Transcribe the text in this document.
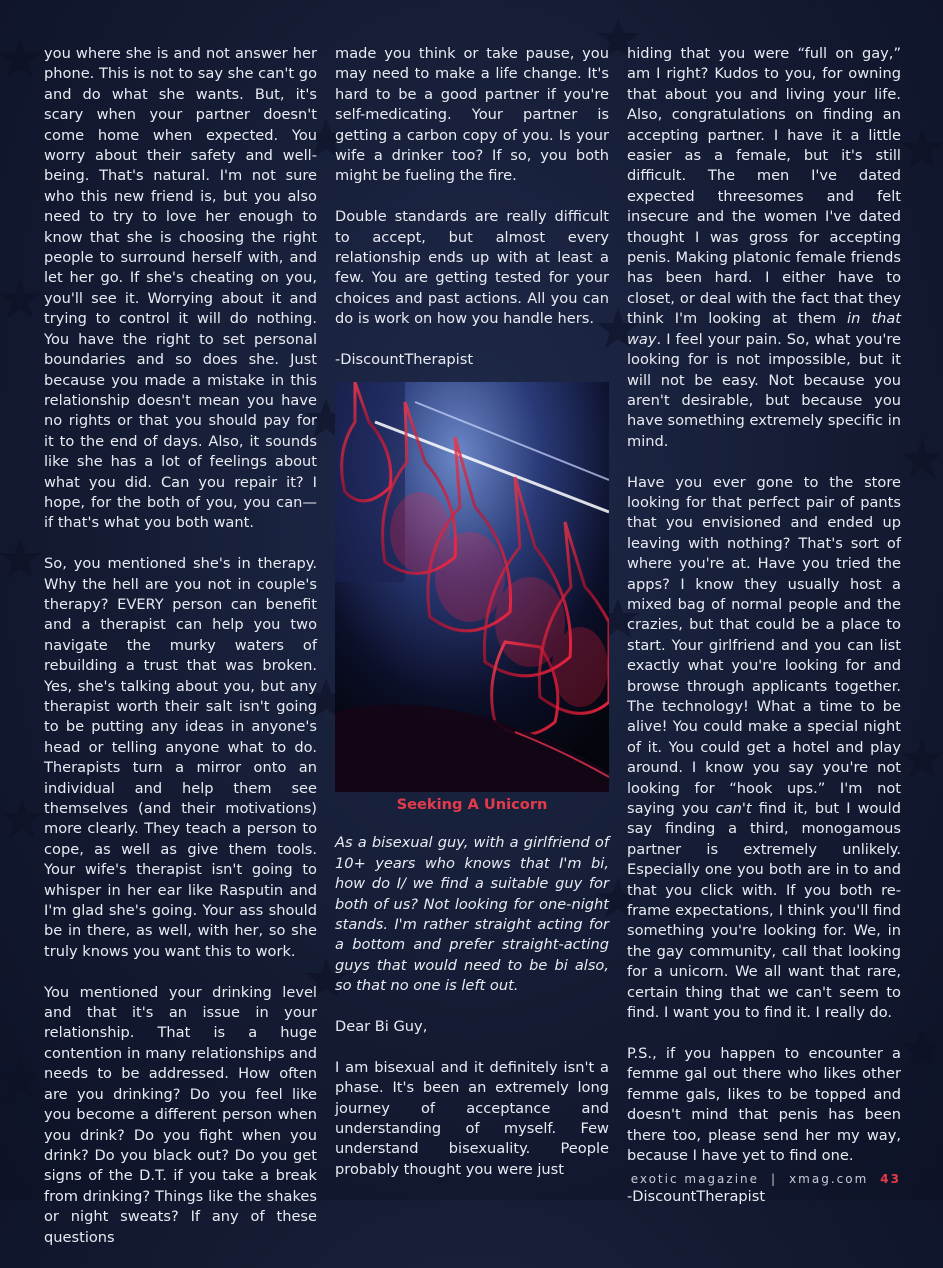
you where she is and not answer her phone. This is not to say she can't go and do what she wants. But, it's scary when your partner doesn't come home when expected. You worry about their safety and well-being. That's natural. I'm not sure who this new friend is, but you also need to try to love her enough to know that she is choosing the right people to surround herself with, and let her go. If she's cheating on you, you'll see it. Worrying about it and trying to control it will do nothing. You have the right to set personal boundaries and so does she. Just because you made a mistake in this relationship doesn't mean you have no rights or that you should pay for it to the end of days. Also, it sounds like she has a lot of feelings about what you did. Can you repair it? I hope, for the both of you, you can—if that's what you both want.

So, you mentioned she's in therapy. Why the hell are you not in couple's therapy? EVERY person can benefit and a therapist can help you two navigate the murky waters of rebuilding a trust that was broken. Yes, she's talking about you, but any therapist worth their salt isn't going to be putting any ideas in anyone's head or telling anyone what to do. Therapists turn a mirror onto an individual and help them see themselves (and their motivations) more clearly. They teach a person to cope, as well as give them tools. Your wife's therapist isn't going to whisper in her ear like Rasputin and I'm glad she's going. Your ass should be in there, as well, with her, so she truly knows you want this to work.

You mentioned your drinking level and that it's an issue in your relationship. That is a huge contention in many relationships and needs to be addressed. How often are you drinking? Do you feel like you become a different person when you drink? Do you fight when you drink? Do you black out? Do you get signs of the D.T. if you take a break from drinking? Things like the shakes or night sweats? If any of these questions

made you think or take pause, you may need to make a life change. It's hard to be a good partner if you're self-medicating. Your partner is getting a carbon copy of you. Is your wife a drinker too? If so, you both might be fueling the fire.

Double standards are really difficult to accept, but almost every relationship ends up with at least a few. You are getting tested for your choices and past actions. All you can do is work on how you handle hers.

-DiscountTherapist

Seeking A Unicorn

As a bisexual guy, with a girlfriend of 10+ years who knows that I'm bi, how do I/ we find a suitable guy for both of us? Not looking for one-night stands. I'm rather straight acting for a bottom and prefer straight-acting guys that would need to be bi also, so that no one is left out.

Dear Bi Guy,

I am bisexual and it definitely isn't a phase. It's been an extremely long journey of acceptance and understanding of myself. Few understand bisexuality. People probably thought you were just

hiding that you were “full on gay,” am I right? Kudos to you, for owning that about you and living your life. Also, congratulations on finding an accepting partner. I have it a little easier as a female, but it's still difficult. The men I've dated expected threesomes and felt insecure and the women I've dated thought I was gross for accepting penis. Making platonic female friends has been hard. I either have to closet, or deal with the fact that they think I'm looking at them in that way. I feel your pain. So, what you're looking for is not impossible, but it will not be easy. Not because you aren't desirable, but because you have something extremely specific in mind.

Have you ever gone to the store looking for that perfect pair of pants that you envisioned and ended up leaving with nothing? That's sort of where you're at. Have you tried the apps? I know they usually host a mixed bag of normal people and the crazies, but that could be a place to start. Your girlfriend and you can list exactly what you're looking for and browse through applicants together. The technology! What a time to be alive! You could make a special night of it. You could get a hotel and play around. I know you say you're not looking for “hook ups.” I'm not saying you can't find it, but I would say finding a third, monogamous partner is extremely unlikely. Especially one you both are in to and that you click with. If you both re-frame expectations, I think you'll find something you're looking for. We, in the gay community, call that looking for a unicorn. We all want that rare, certain thing that we can't seem to find. I want you to find it. I really do.

P.S., if you happen to encounter a femme gal out there who likes other femme gals, likes to be topped and doesn't mind that penis has been there too, please send her my way, because I have yet to find one.

-DiscountTherapist

exotic magazine | xmag.com 43
